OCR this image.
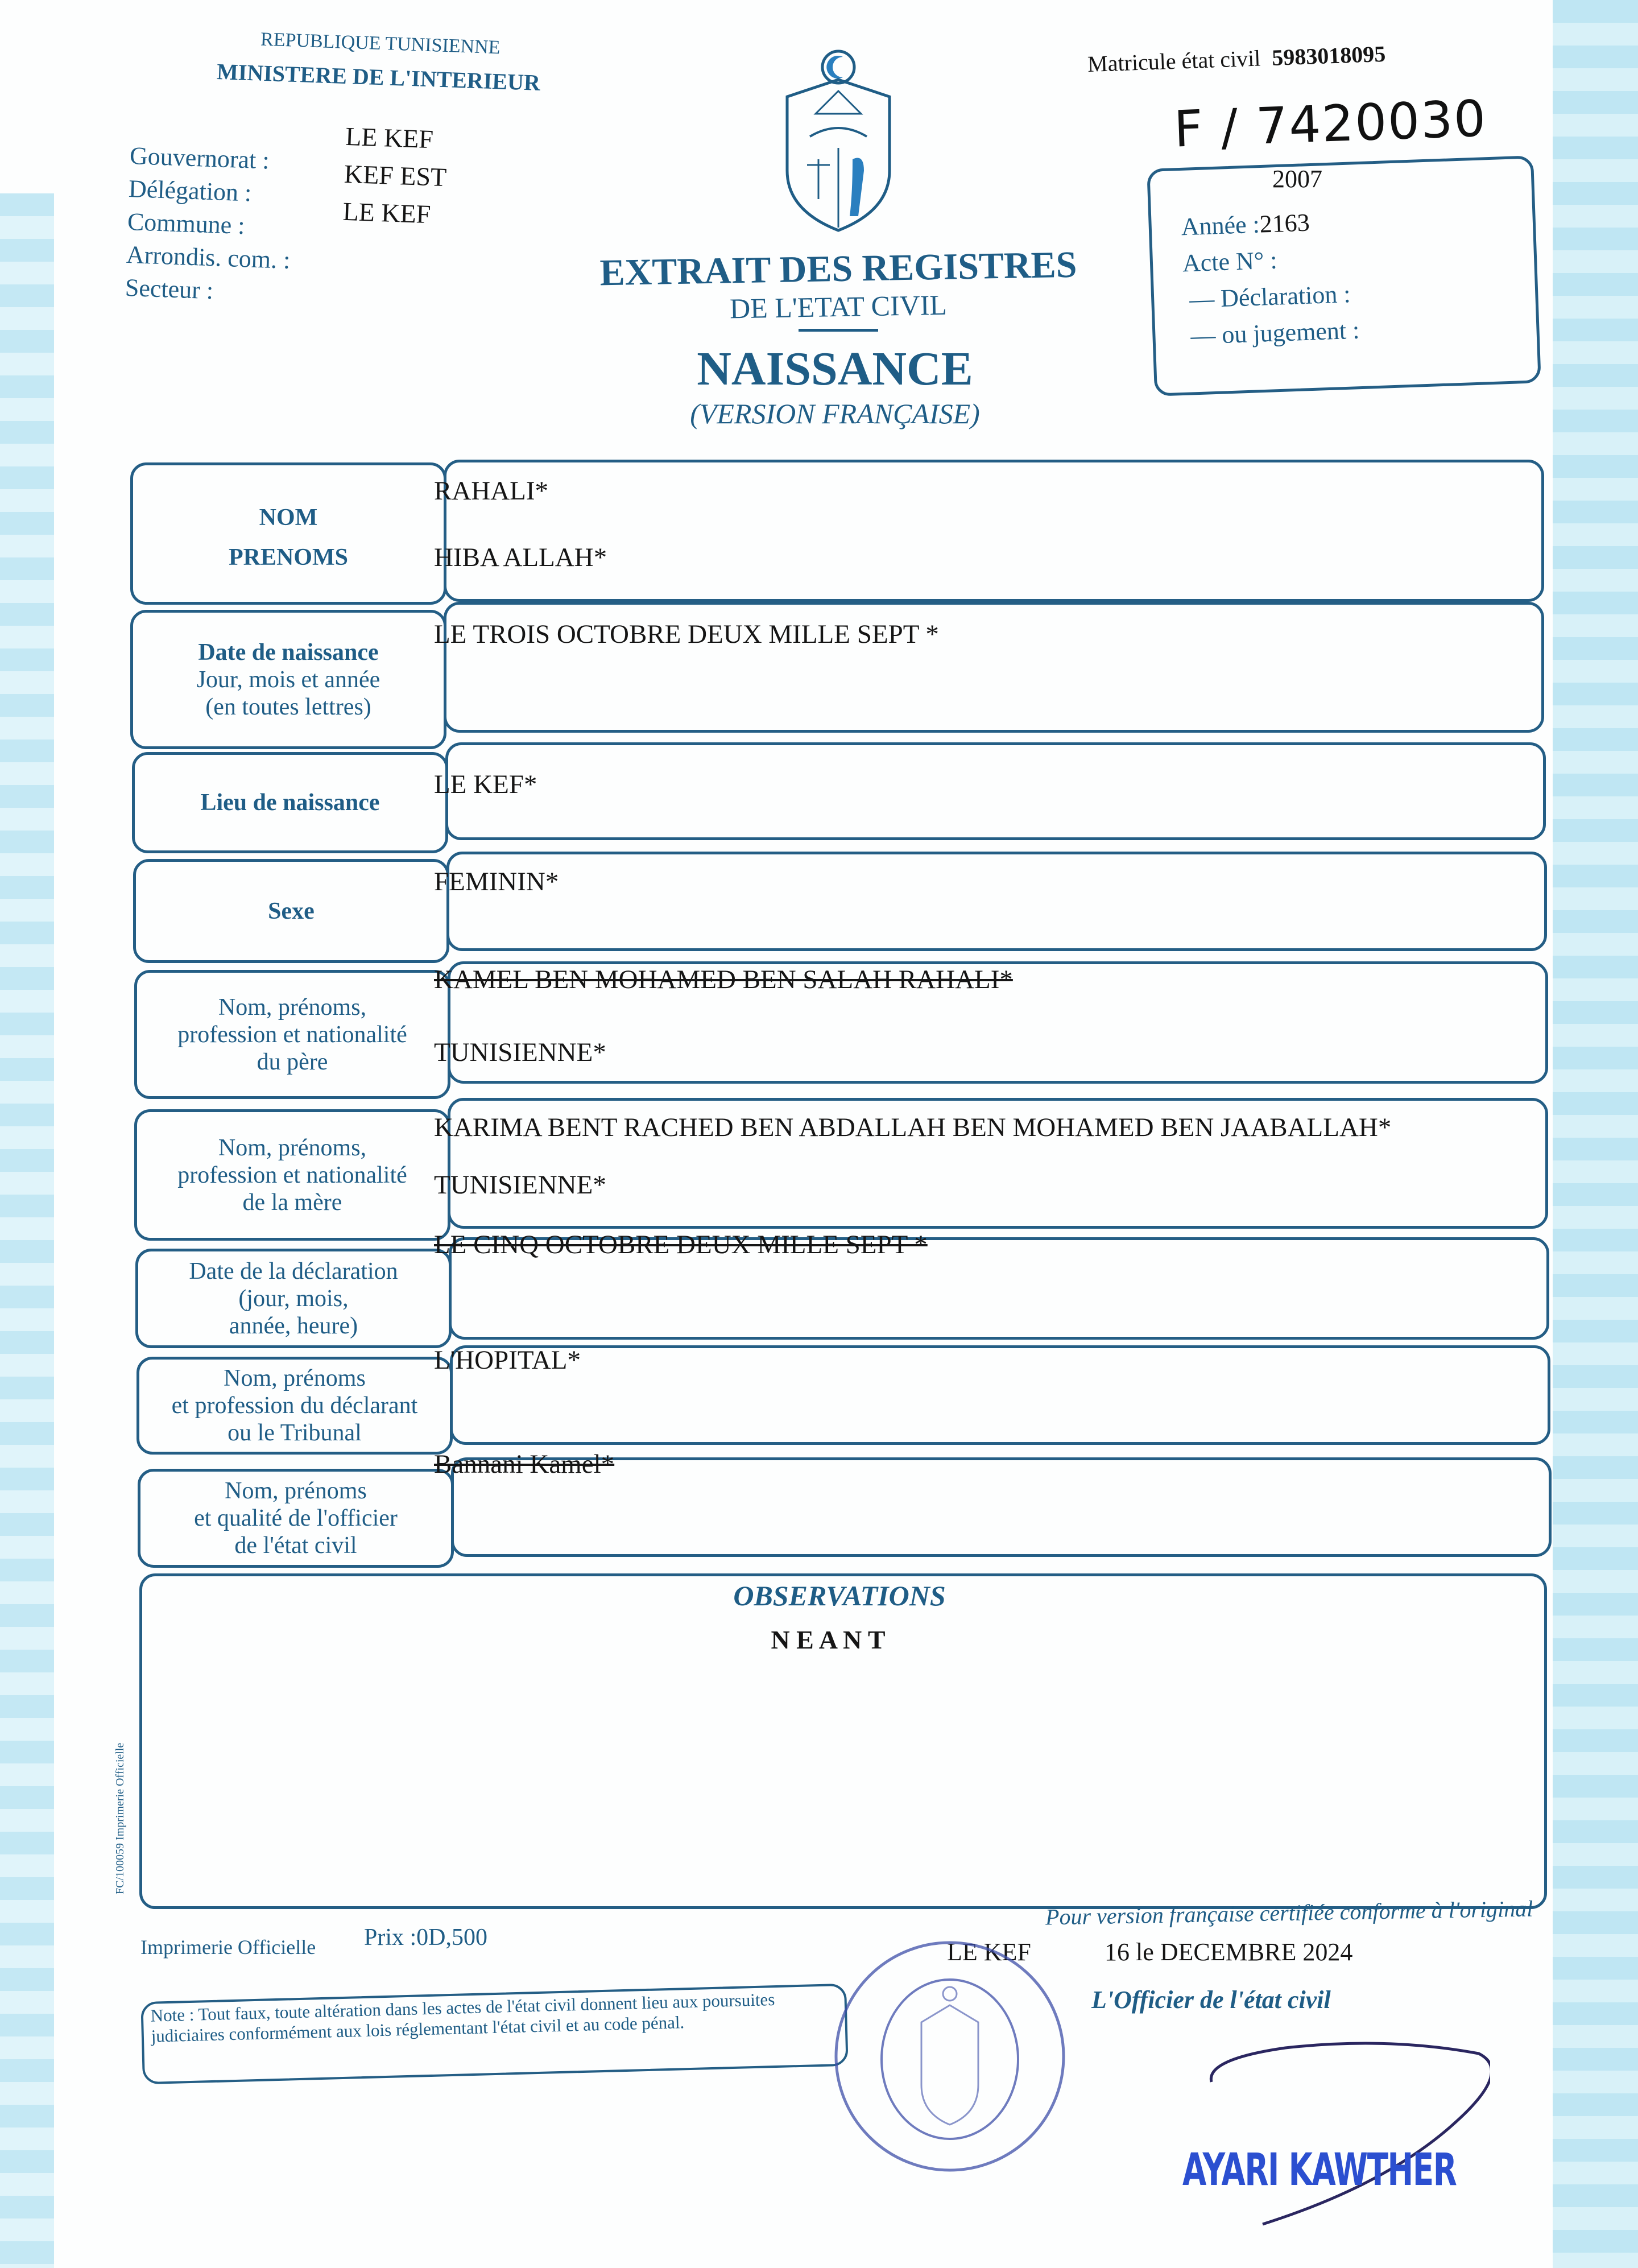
REPUBLIQUE TUNISIENNE
MINISTERE DE L'INTERIEUR
Gouvernorat :
Délégation :
Commune :
Arrondis. com. :
Secteur :
LE KEF
KEF EST
LE KEF
Matricule état civil 5983018095
F / 7420030
EXTRAIT DES REGISTRES
DE L'ETAT CIVIL
NAISSANCE
(VERSION FRANÇAISE)
2007
Année :2163
Acte N° :
— Déclaration :
— ou jugement :
NOM
PRENOMS
RAHALI*
HIBA ALLAH*
Date de naissance
Jour, mois et année
(en toutes lettres)
LE TROIS OCTOBRE DEUX MILLE SEPT *
Lieu de naissance
LE KEF*
Sexe
FEMININ*
Nom, prénoms,
profession et nationalité
du père
KAMEL BEN MOHAMED BEN SALAH RAHALI*
TUNISIENNE*
Nom, prénoms,
profession et nationalité
de la mère
KARIMA BENT RACHED BEN ABDALLAH BEN MOHAMED BEN JAABALLAH*
TUNISIENNE*
Date de la déclaration
(jour, mois,
année, heure)
LE CINQ OCTOBRE DEUX MILLE SEPT *
Nom, prénoms
et profession du déclarant
ou le Tribunal
L'HOPITAL*
Nom, prénoms
et qualité de l'officier
de l'état civil
Bannani Kamel*
OBSERVATIONS
N E A N T
FC/100059 Imprimerie Officielle
Imprimerie Officielle Prix :0D,500
Pour version française certifiée conforme à l'original
LE KEF	16 le DECEMBRE 2024
L'Officier de l'état civil
Note : Tout faux, toute altération dans les actes de l'état civil donnent lieu aux poursuites judiciaires conformément aux lois réglementant l'état civil et au code pénal.
AYARI KAWTHER
